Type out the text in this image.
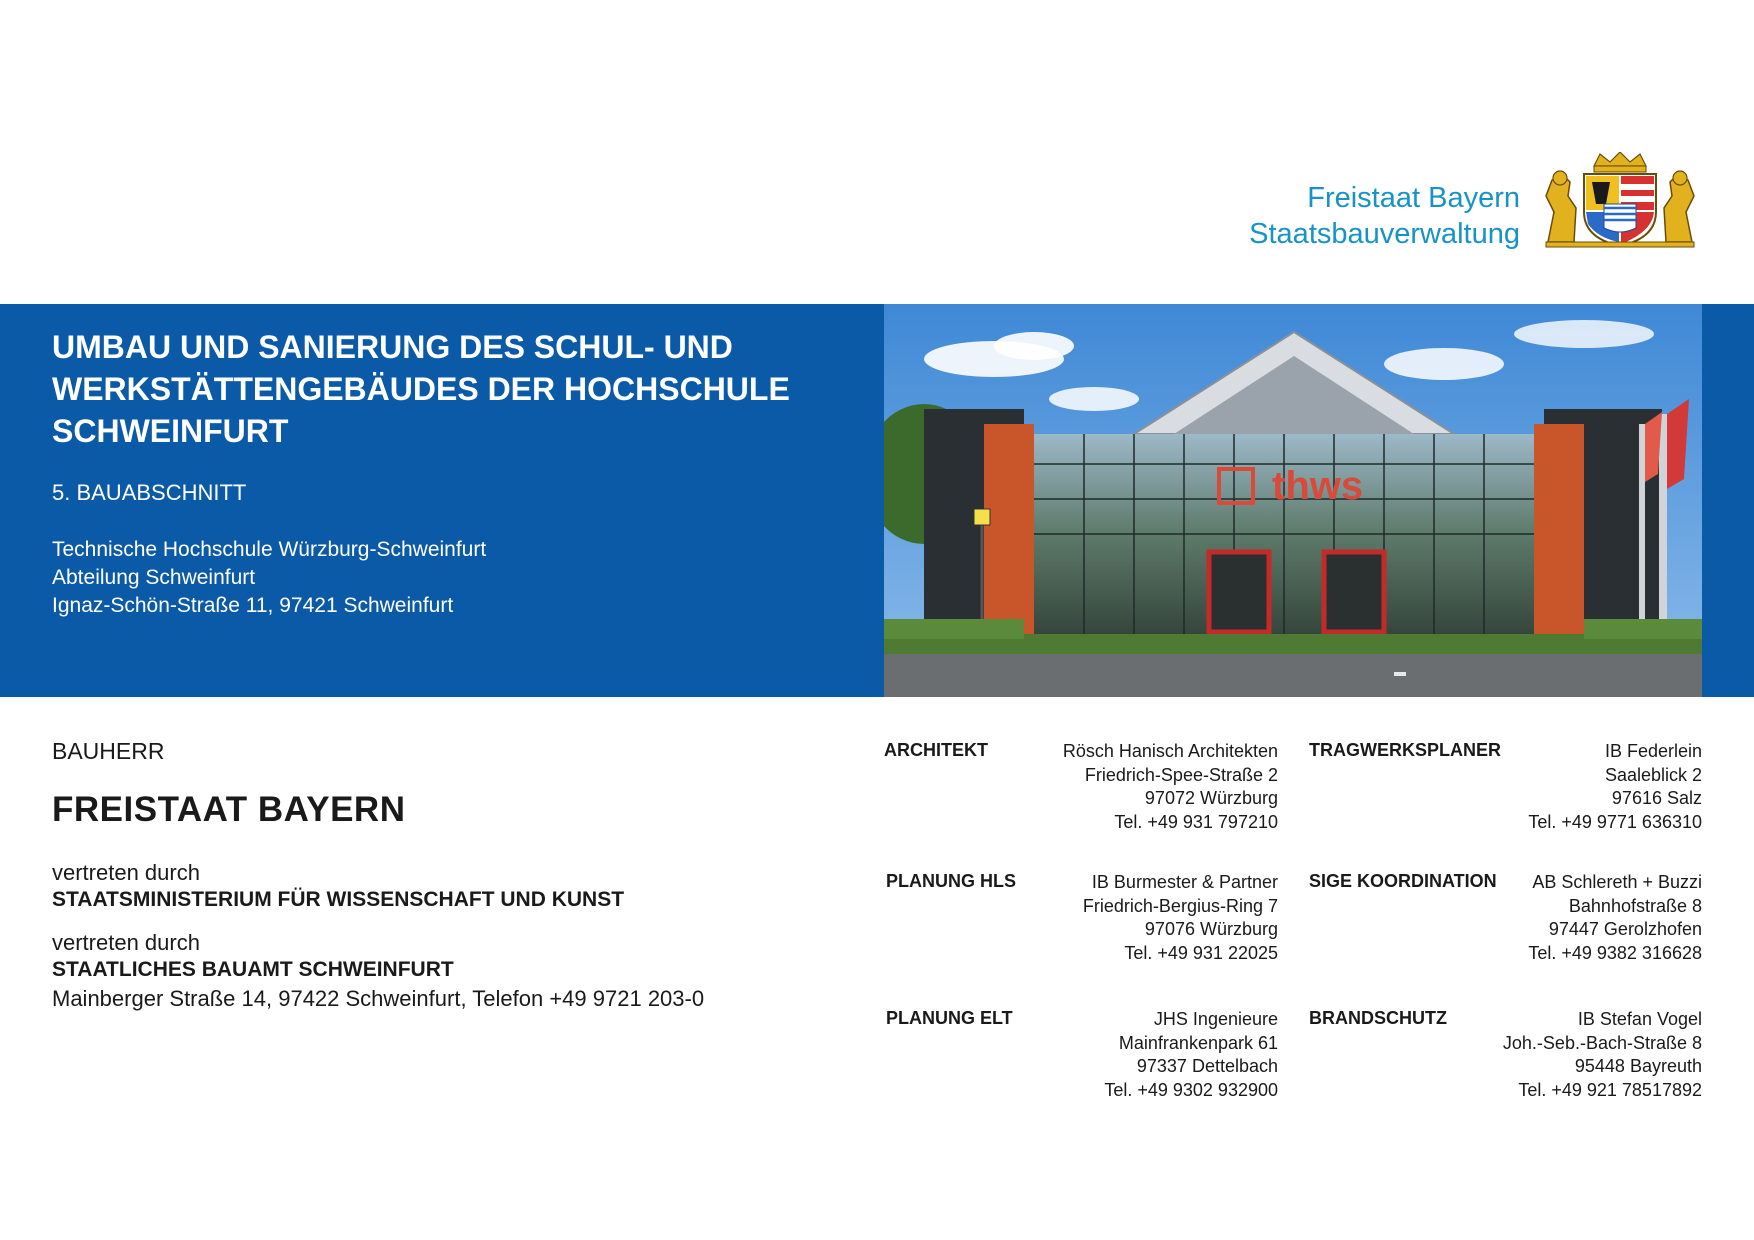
Freistaat Bayern
Staatsbauverwaltung
UMBAU UND SANIERUNG DES SCHUL- UND
WERKSTÄTTENGEBÄUDES DER HOCHSCHULE
SCHWEINFURT
5. BAUABSCHNITT
Technische Hochschule Würzburg-Schweinfurt
Abteilung Schweinfurt
Ignaz-Schön-Straße 11, 97421 Schweinfurt
thws
BAUHERR
FREISTAAT BAYERN
vertreten durch
STAATSMINISTERIUM FÜR WISSENSCHAFT UND KUNST
vertreten durch
STAATLICHES BAUAMT SCHWEINFURT
Mainberger Straße 14, 97422 Schweinfurt, Telefon +49 9721 203-0
ARCHITEKT	Rösch Hanisch Architekten
Friedrich-Spee-Straße 2
97072 Würzburg
Tel. +49 931 797210
TRAGWERKSPLANER	IB Federlein
Saaleblick 2
97616 Salz
Tel. +49 9771 636310
PLANUNG HLS	IB Burmester & Partner
Friedrich-Bergius-Ring 7
97076 Würzburg
Tel. +49 931 22025
SIGE KOORDINATION AB Schlereth + Buzzi
Bahnhofstraße 8
97447 Gerolzhofen
Tel. +49 9382 316628
PLANUNG ELT	JHS Ingenieure
Mainfrankenpark 61
97337 Dettelbach
Tel. +49 9302 932900
BRANDSCHUTZ	IB Stefan Vogel
Joh.-Seb.-Bach-Straße 8
95448 Bayreuth
Tel. +49 921 78517892
